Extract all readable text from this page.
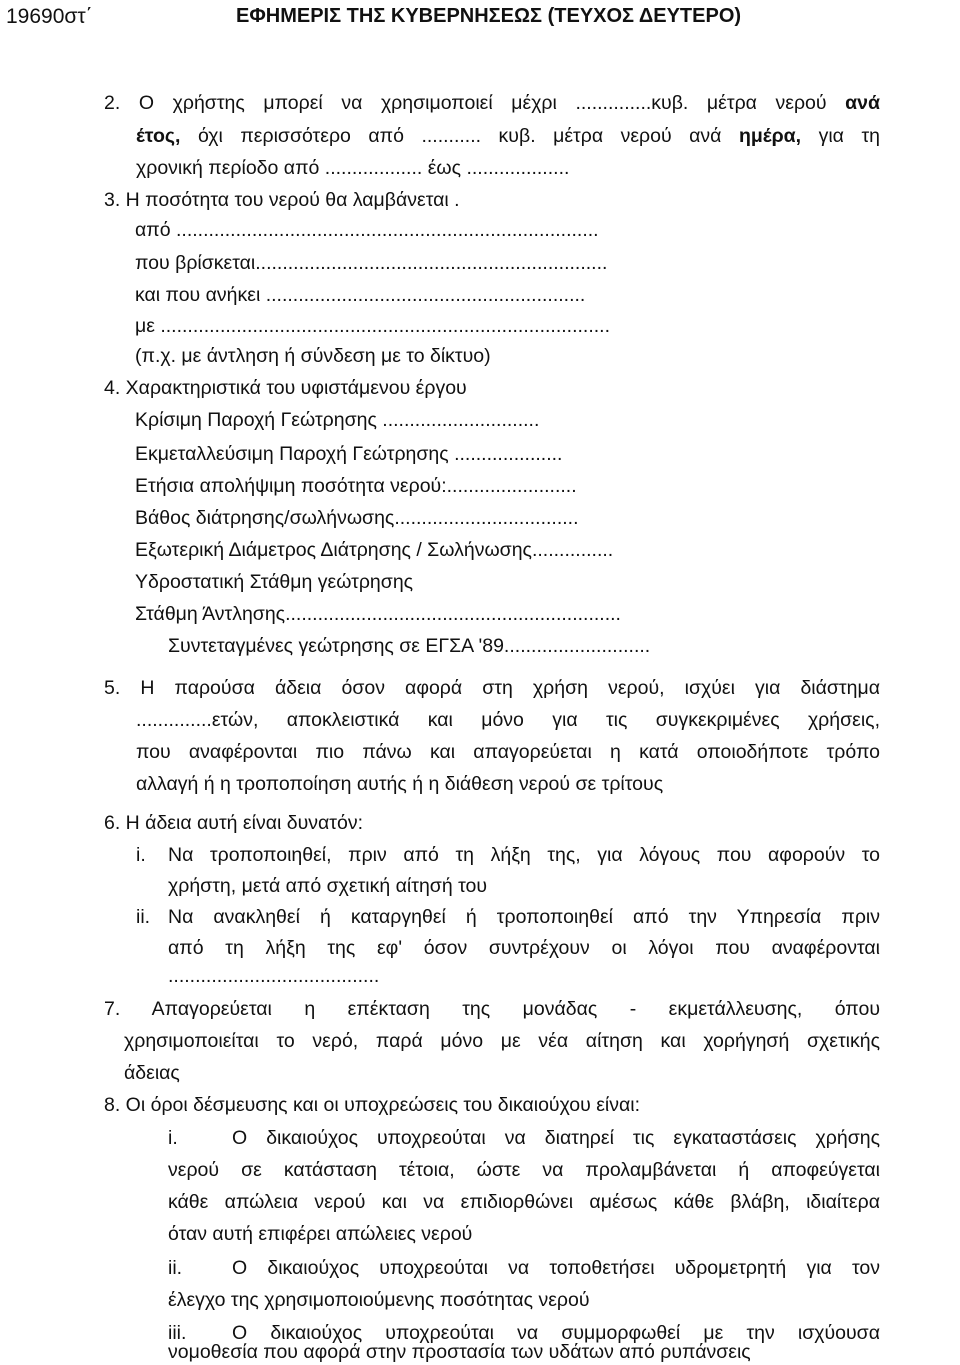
19690στ΄	ΕΦΗΜΕΡΙΣ ΤΗΣ ΚΥΒΕΡΝΗΣΕΩΣ (ΤΕΥΧΟΣ ΔΕΥΤΕΡΟ)
2. Ο χρήστης μπορεί να χρησιμοποιεί μέχρι ..............κυβ. μέτρα νερού ανά
έτος, όχι περισσότερο από ........... κυβ. μέτρα νερού ανά ημέρα, για τη
χρονική περίοδο από .................. έως ...................
3. Η ποσότητα του νερού θα λαμβάνεται .
από ..............................................................................
που βρίσκεται.................................................................
και που ανήκει ...........................................................
με ...................................................................................
(π.χ. με άντληση ή σύνδεση με το δίκτυο)
4. Χαρακτηριστικά του υφιστάμενου έργου
Κρίσιμη Παροχή Γεώτρησης .............................
Εκμεταλλεύσιμη Παροχή Γεώτρησης ....................
Ετήσια απολήψιμη ποσότητα νερού:........................
Βάθος διάτρησης/σωλήνωσης..................................
Εξωτερική Διάμετρος Διάτρησης / Σωλήνωσης...............
Υδροστατική Στάθμη γεώτρησης
Στάθμη Άντλησης..............................................................
Συντεταγμένες γεώτρησης σε ΕΓΣΑ '89...........................
5. Η παρούσα άδεια όσον αφορά στη χρήση νερού, ισχύει για διάστημα
..............ετών, αποκλειστικά και μόνο για τις συγκεκριμένες χρήσεις,
που αναφέρονται πιο πάνω και απαγορεύεται η κατά οποιοδήποτε τρόπο
αλλαγή ή η τροποποίηση αυτής ή η διάθεση νερού σε τρίτους
6. Η άδεια αυτή είναι δυνατόν:
i. Να τροποποιηθεί, πριν από τη λήξη της, για λόγους που αφορούν το
χρήστη, μετά από σχετική αίτησή του
ii. Να ανακληθεί ή καταργηθεί ή τροποποιηθεί από την Υπηρεσία πριν
από τη λήξη της εφ' όσον συντρέχουν οι λόγοι που αναφέρονται
.......................................
7. Απαγορεύεται η επέκταση της μονάδας - εκμετάλλευσης, όπου
χρησιμοποιείται το νερό, παρά μόνο με νέα αίτηση και χορήγησή σχετικής
άδειας
8. Οι όροι δέσμευσης και οι υποχρεώσεις του δικαιούχου είναι:
i.	Ο δικαιούχος υποχρεούται να διατηρεί τις εγκαταστάσεις χρήσης
νερού σε κατάσταση τέτοια, ώστε να προλαμβάνεται ή αποφεύγεται
κάθε απώλεια νερού και να επιδιορθώνει αμέσως κάθε βλάβη, ιδιαίτερα
όταν αυτή επιφέρει απώλειες νερού
ii.	Ο δικαιούχος υποχρεούται να τοποθετήσει υδρομετρητή για τον
έλεγχο της χρησιμοποιούμενης ποσότητας νερού
iii. Ο δικαιούχος υποχρεούται να συμμορφωθεί με την ισχύουσα
νομοθεσία που αφορά στην προστασία των υδάτων από ρυπάνσεις
